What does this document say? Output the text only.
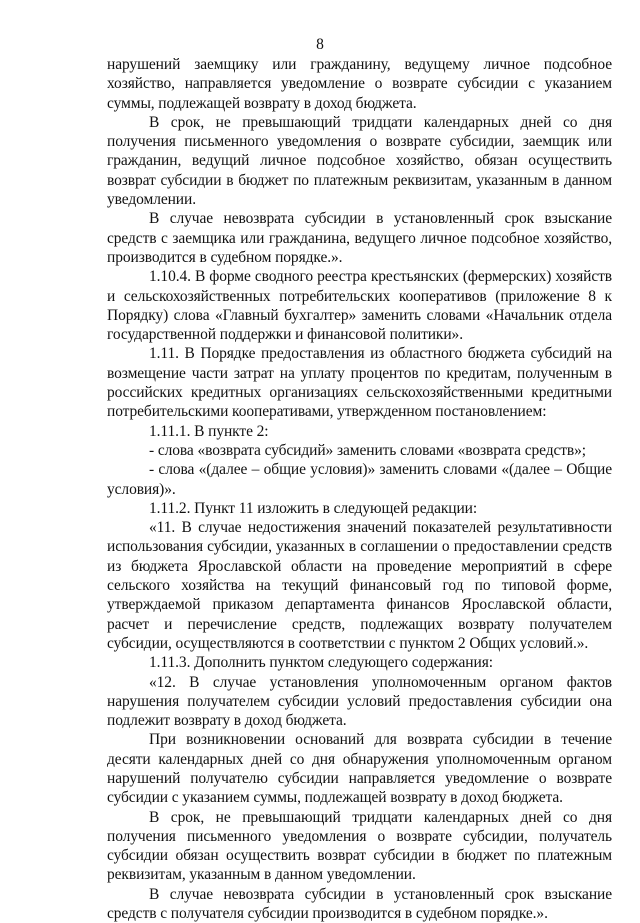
8

нарушений заемщику или гражданину, ведущему личное подсобное хозяйство, направляется уведомление о возврате субсидии с указанием суммы, подлежащей возврату в доход бюджета.

В срок, не превышающий тридцати календарных дней со дня получения письменного уведомления о возврате субсидии, заемщик или гражданин, ведущий личное подсобное хозяйство, обязан осуществить возврат субсидии в бюджет по платежным реквизитам, указанным в данном уведомлении.

В случае невозврата субсидии в установленный срок взыскание средств с заемщика или гражданина, ведущего личное подсобное хозяйство, производится в судебном порядке.».

1.10.4. В форме сводного реестра крестьянских (фермерских) хозяйств и сельскохозяйственных потребительских кооперативов (приложение 8 к Порядку) слова «Главный бухгалтер» заменить словами «Начальник отдела государственной поддержки и финансовой политики».

1.11. В Порядке предоставления из областного бюджета субсидий на возмещение части затрат на уплату процентов по кредитам, полученным в российских кредитных организациях сельскохозяйственными кредитными потребительскими кооперативами, утвержденном постановлением:

1.11.1. В пункте 2:

- слова «возврата субсидий» заменить словами «возврата средств»;

- слова «(далее – общие условия)» заменить словами «(далее – Общие условия)».

1.11.2. Пункт 11 изложить в следующей редакции:

«11. В случае недостижения значений показателей результативности использования субсидии, указанных в соглашении о предоставлении средств из бюджета Ярославской области на проведение мероприятий в сфере сельского хозяйства на текущий финансовый год по типовой форме, утверждаемой приказом департамента финансов Ярославской области, расчет и перечисление средств, подлежащих возврату получателем субсидии, осуществляются в соответствии с пунктом 2 Общих условий.».

1.11.3. Дополнить пунктом следующего содержания:

«12. В случае установления уполномоченным органом фактов нарушения получателем субсидии условий предоставления субсидии она подлежит возврату в доход бюджета.

При возникновении оснований для возврата субсидии в течение десяти календарных дней со дня обнаружения уполномоченным органом нарушений получателю субсидии направляется уведомление о возврате субсидии с указанием суммы, подлежащей возврату в доход бюджета.

В срок, не превышающий тридцати календарных дней со дня получения письменного уведомления о возврате субсидии, получатель субсидии обязан осуществить возврат субсидии в бюджет по платежным реквизитам, указанным в данном уведомлении.

В случае невозврата субсидии в установленный срок взыскание средств с получателя субсидии производится в судебном порядке.».
